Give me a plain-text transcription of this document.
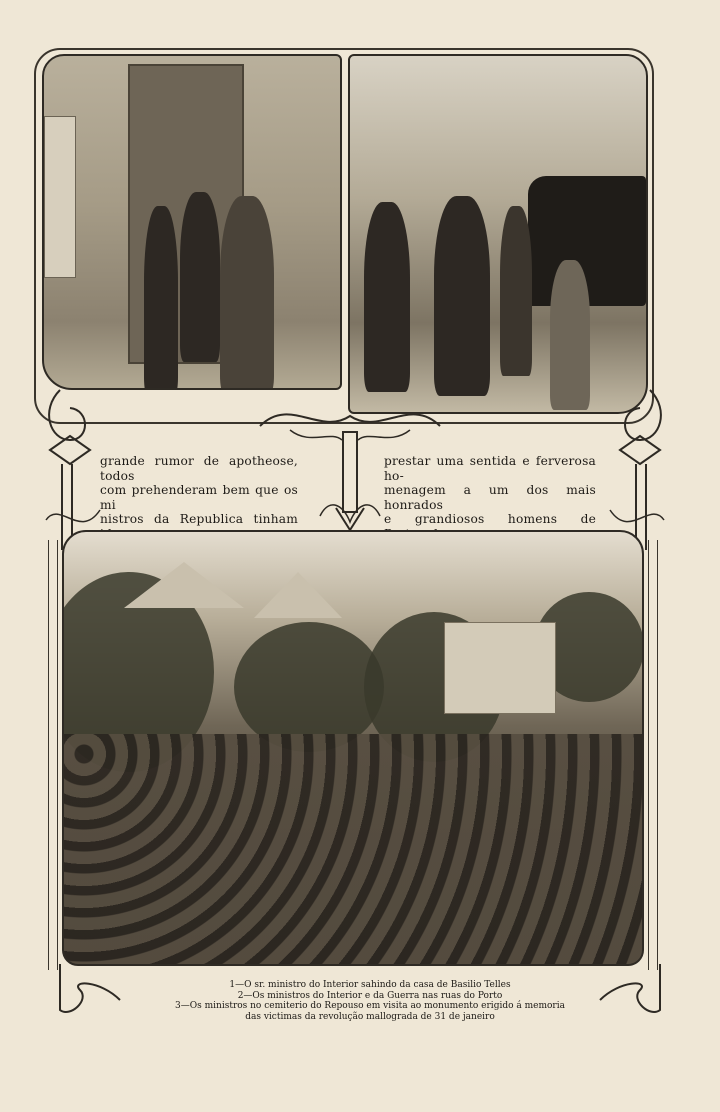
grande rumor de apotheose, todos
com prehenderam bem que os mi
nistros da Republica tinham
prestar uma sentida e ferverosa ho-
menagem a um dos mais honrados
e grandiosos homens de
1—O sr. ministro do Interior sahindo da casa de Basilio Telles
2—Os ministros do Interior e da Guerra nas ruas do Porto
3—Os ministros no cemiterio do Repouso em visita ao monumento erigido á memoria
das victimas da revolução mallograda de 31 de janeiro
